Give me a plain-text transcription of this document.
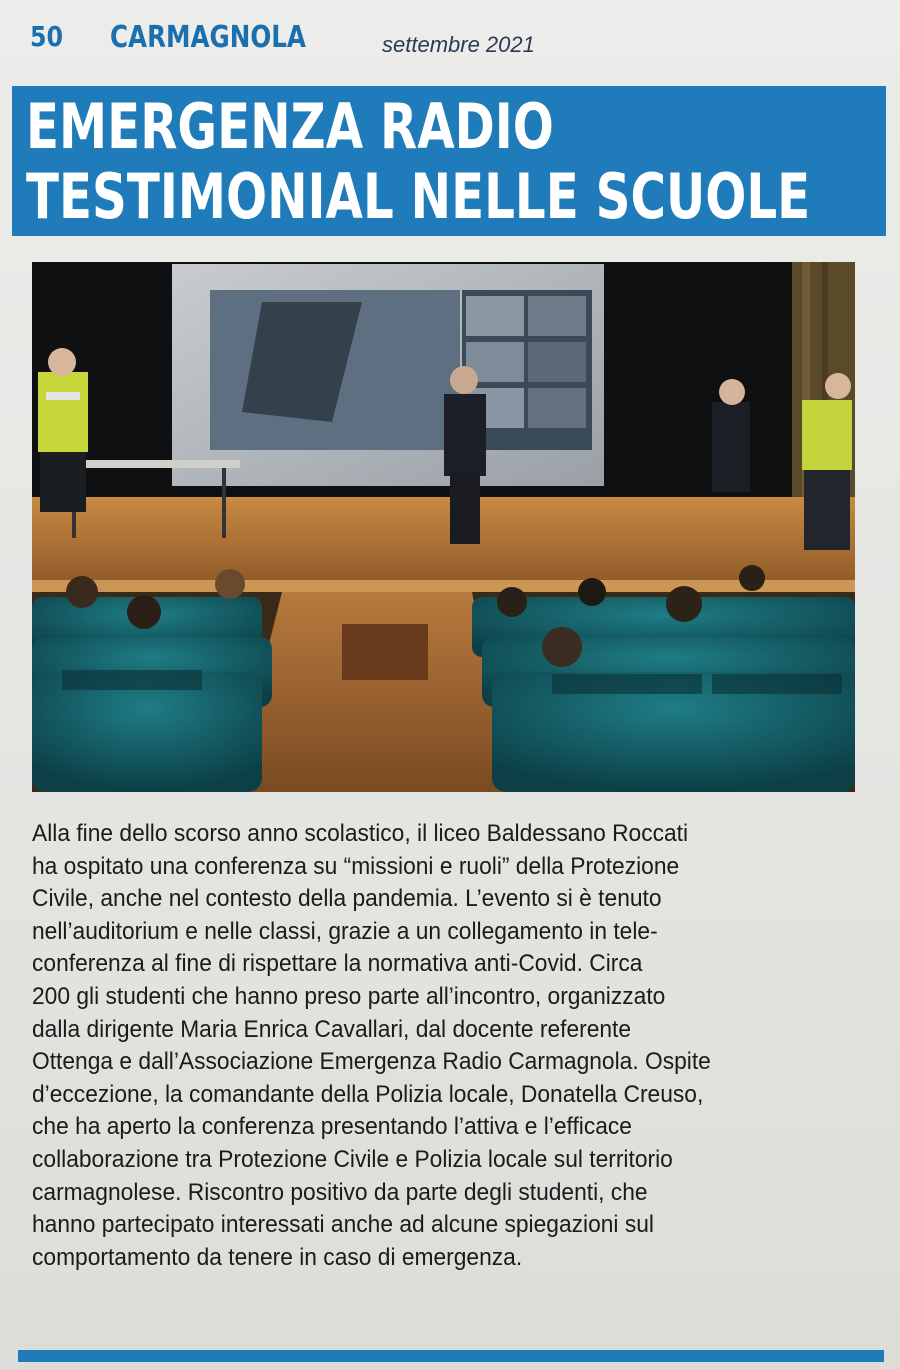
50 CARMAGNOLA	settembre 2021
EMERGENZA RADIO
TESTIMONIAL NELLE SCUOLE
Alla fine dello scorso anno scolastico, il liceo Baldessano Roccati
ha ospitato una conferenza su “missioni e ruoli” della Protezione
Civile, anche nel contesto della pandemia. L’evento si è tenuto
nell’auditorium e nelle classi, grazie a un collegamento in tele-
conferenza al fine di rispettare la normativa anti-Covid. Circa
200 gli studenti che hanno preso parte all’incontro, organizzato
dalla dirigente Maria Enrica Cavallari, dal docente referente
Ottenga e dall’Associazione Emergenza Radio Carmagnola. Ospite
d’eccezione, la comandante della Polizia locale, Donatella Creuso,
che ha aperto la conferenza presentando l’attiva e l’efficace
collaborazione tra Protezione Civile e Polizia locale sul territorio
carmagnolese. Riscontro positivo da parte degli studenti, che
hanno partecipato interessati anche ad alcune spiegazioni sul
comportamento da tenere in caso di emergenza.
